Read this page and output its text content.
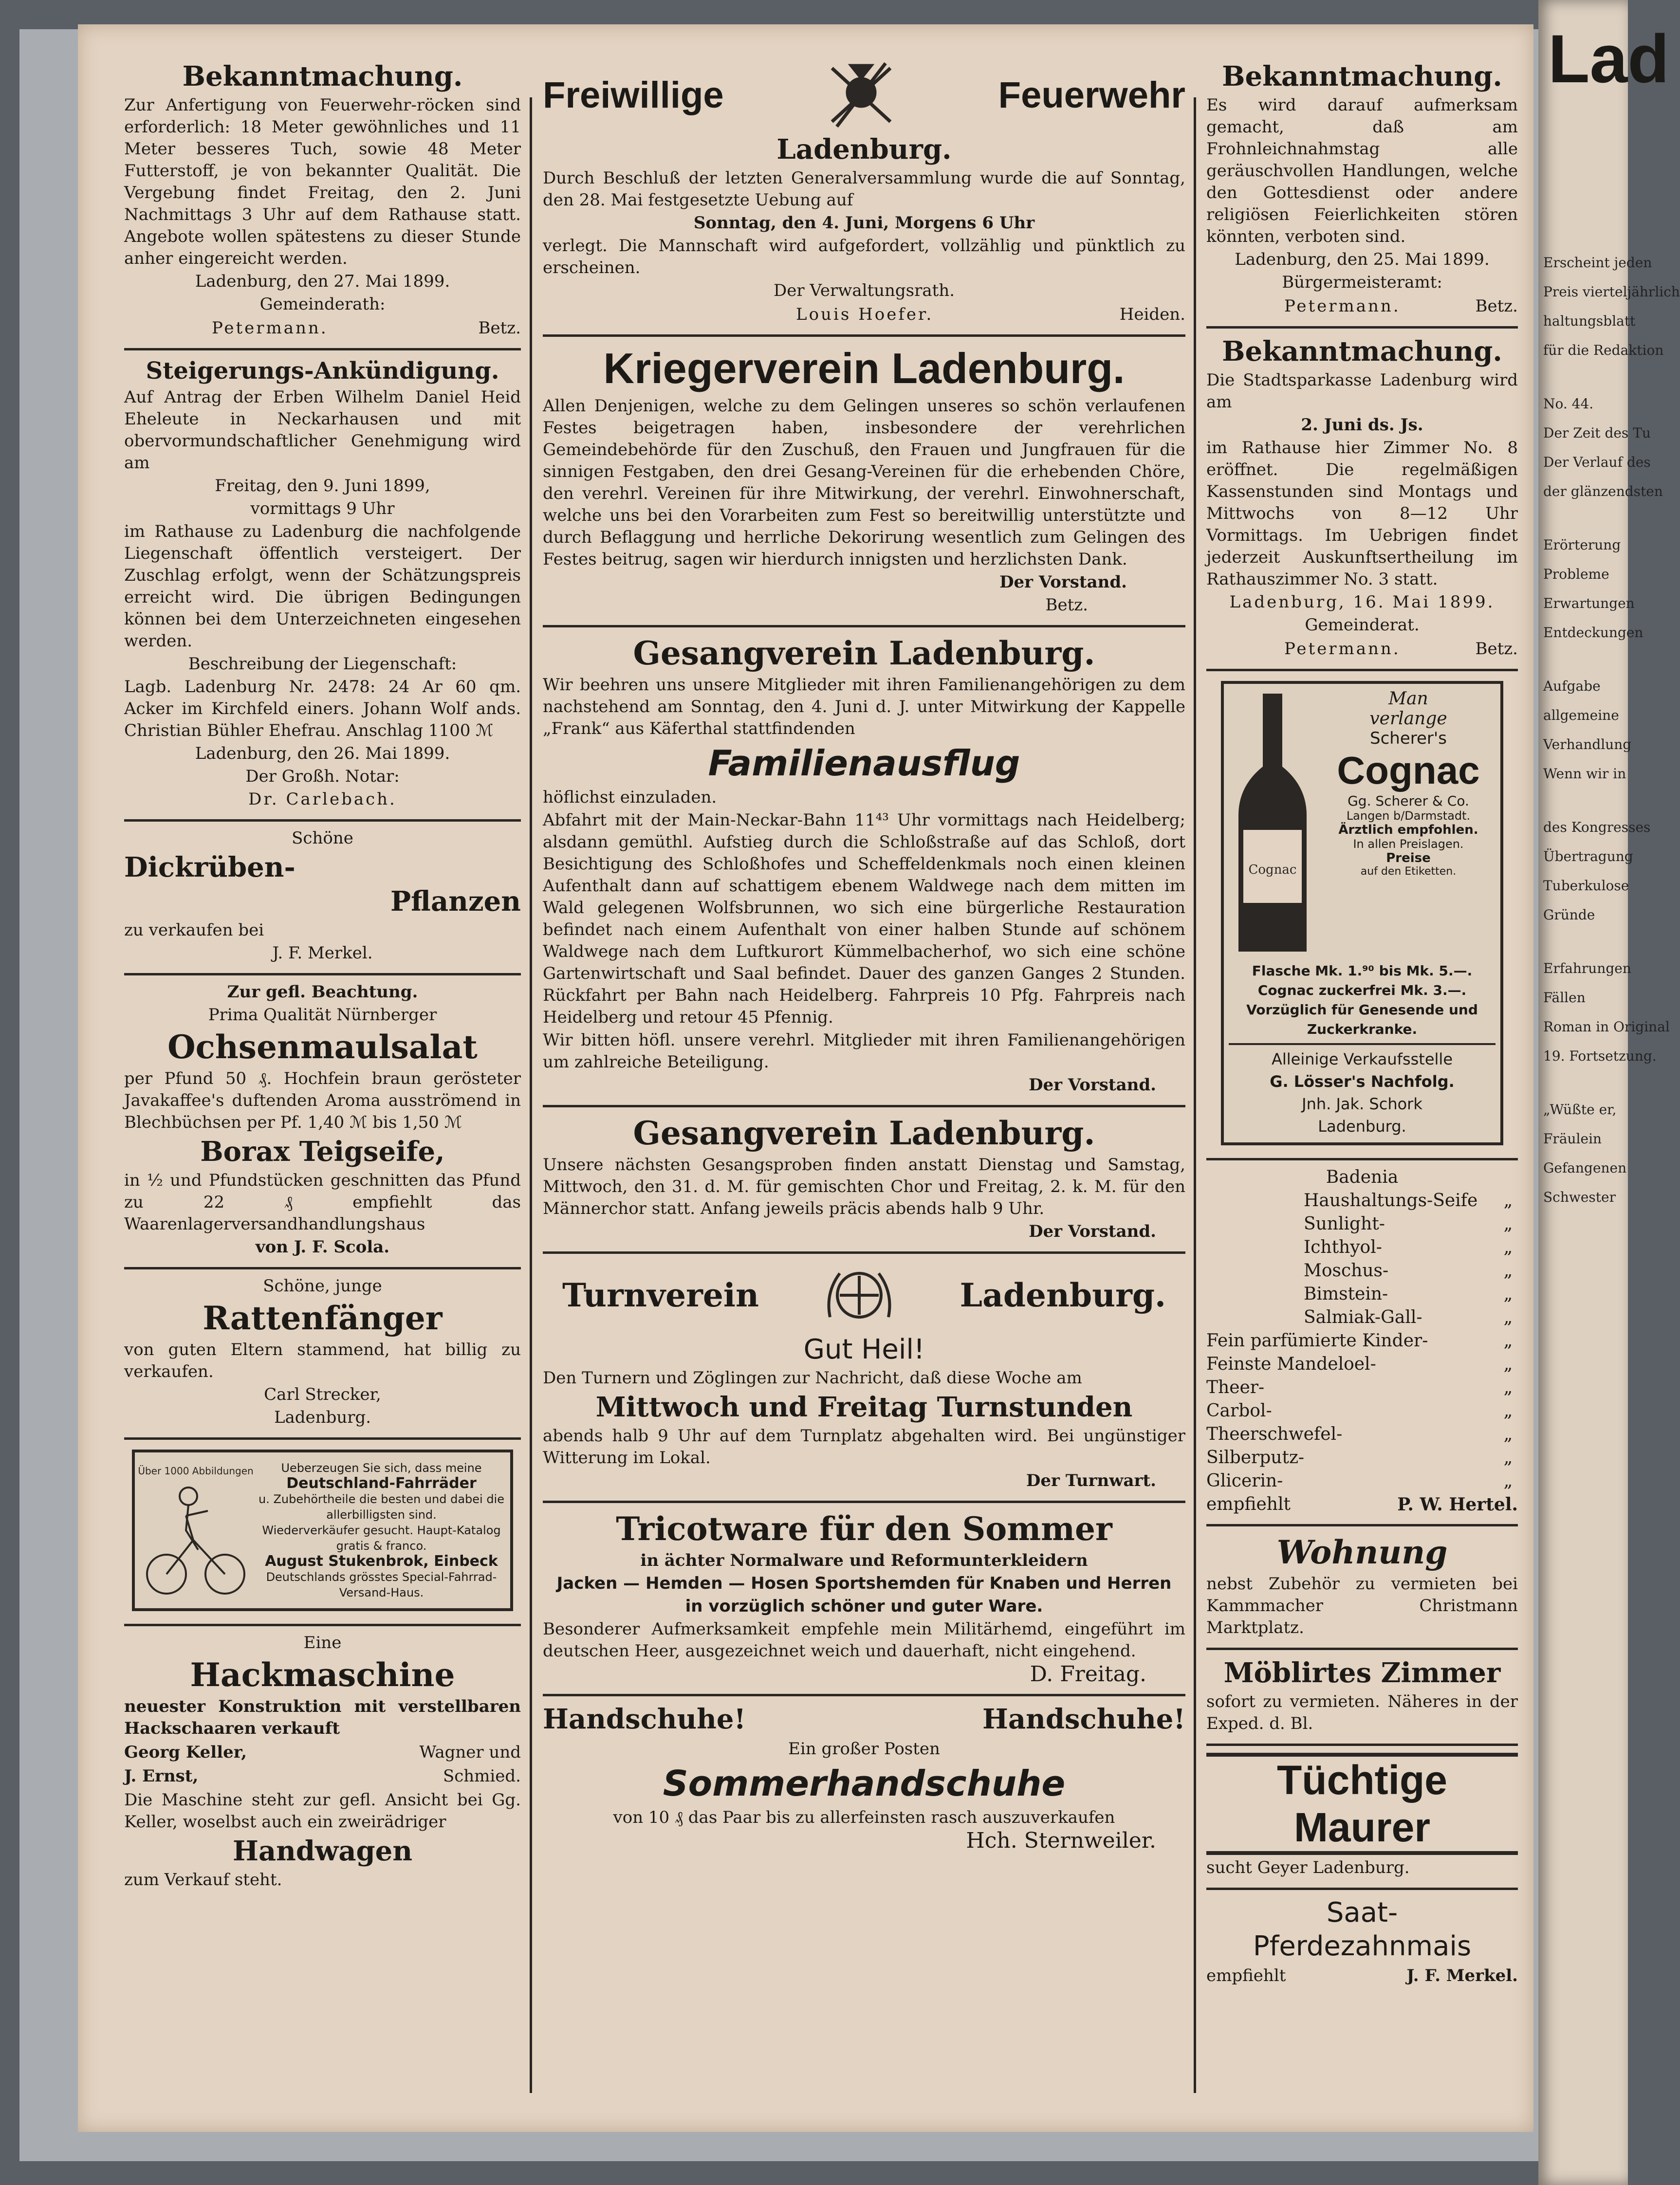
Bekanntmachung.

Zur Anfertigung von Feuerwehr-röcken sind erforderlich: 18 Meter gewöhnliches und 11 Meter besseres Tuch, sowie 48 Meter Futterstoff, je von bekannter Qualität. Die Vergebung findet Freitag, den 2. Juni Nachmittags 3 Uhr auf dem Rathause statt. Angebote wollen spätestens zu dieser Stunde anher eingereicht werden.

Ladenburg, den 27. Mai 1899.

Gemeinderath:

Petermann.	Betz.

Steigerungs-Ankündigung.

Auf Antrag der Erben Wilhelm Daniel Heid Eheleute in Neckarhausen und mit obervormundschaftlicher Genehmigung wird am

Freitag, den 9. Juni 1899,

vormittags 9 Uhr

im Rathause zu Ladenburg die nachfolgende Liegenschaft öffentlich versteigert. Der Zuschlag erfolgt, wenn der Schätzungspreis erreicht wird. Die übrigen Bedingungen können bei dem Unterzeichneten eingesehen werden.

Beschreibung der Liegenschaft:

Lagb. Ladenburg Nr. 2478: 24 Ar 60 qm. Acker im Kirchfeld einers. Johann Wolf ands. Christian Bühler Ehefrau. Anschlag 1100 ℳ

Ladenburg, den 26. Mai 1899.

Der Großh. Notar:

Dr. Carlebach.

Schöne

Dickrüben-
Pflanzen

zu verkaufen bei

J. F. Merkel.

Zur gefl. Beachtung.

Prima Qualität Nürnberger

Ochsenmaulsalat

per Pfund 50 ₰. Hochfein braun gerösteter Javakaffee's duftenden Aroma ausströmend in Blechbüchsen per Pf. 1,40 ℳ bis 1,50 ℳ

Borax Teigseife,

in ½ und Pfundstücken geschnitten das Pfund zu 22 ₰ empfiehlt das Waarenlagerversandhandlungshaus

von J. F. Scola.

Schöne, junge

Rattenfänger

von guten Eltern stammend, hat billig zu verkaufen.

Carl Strecker,

Ladenburg.

Über 1000 Abbildungen	Ueberzeugen Sie sich, dass meine
Deutschland-Fahrräder
u. Zubehörtheile die besten und dabei die allerbilligsten sind.
Wiederverkäufer gesucht. Haupt-Katalog gratis & franco.
August Stukenbrok, Einbeck
Deutschlands grösstes Special-Fahrrad-Versand-Haus.

Eine

Hackmaschine

neuester Konstruktion mit verstellbaren Hackschaaren verkauft

Georg Keller,	Wagner und

J. Ernst,	Schmied.

Die Maschine steht zur gefl. Ansicht bei Gg. Keller, woselbst auch ein zweirädriger

Handwagen

zum Verkauf steht.

Freiwillige	Feuerwehr
Ladenburg.

Durch Beschluß der letzten Generalversammlung wurde die auf Sonntag, den 28. Mai festgesetzte Uebung auf

Sonntag, den 4. Juni, Morgens 6 Uhr

verlegt. Die Mannschaft wird aufgefordert, vollzählig und pünktlich zu erscheinen.

Der Verwaltungsrath.

Louis Hoefer.	Heiden.

Kriegerverein Ladenburg.

Allen Denjenigen, welche zu dem Gelingen unseres so schön verlaufenen Festes beigetragen haben, insbesondere der verehrlichen Gemeindebehörde für den Zuschuß, den Frauen und Jungfrauen für die sinnigen Festgaben, den drei Gesang-Vereinen für die erhebenden Chöre, den verehrl. Vereinen für ihre Mitwirkung, der verehrl. Einwohnerschaft, welche uns bei den Vorarbeiten zum Fest so bereitwillig unterstützte und durch Beflaggung und herrliche Dekorirung wesentlich zum Gelingen des Festes beitrug, sagen wir hierdurch innigsten und herzlichsten Dank.

Der Vorstand.

Betz.

Gesangverein Ladenburg.

Wir beehren uns unsere Mitglieder mit ihren Familienangehörigen zu dem nachstehend am Sonntag, den 4. Juni d. J. unter Mitwirkung der Kappelle „Frank“ aus Käferthal stattfindenden

Familienausflug

höflichst einzuladen.

Abfahrt mit der Main-Neckar-Bahn 11⁴³ Uhr vormittags nach Heidelberg; alsdann gemüthl. Aufstieg durch die Schloßstraße auf das Schloß, dort Besichtigung des Schloßhofes und Scheffeldenkmals noch einen kleinen Aufenthalt dann auf schattigem ebenem Waldwege nach dem mitten im Wald gelegenen Wolfsbrunnen, wo sich eine bürgerliche Restauration befindet nach einem Aufenthalt von einer halben Stunde auf schönem Waldwege nach dem Luftkurort Kümmelbacherhof, wo sich eine schöne Gartenwirtschaft und Saal befindet. Dauer des ganzen Ganges 2 Stunden. Rückfahrt per Bahn nach Heidelberg. Fahrpreis 10 Pfg. Fahrpreis nach Heidelberg und retour 45 Pfennig.

Wir bitten höfl. unsere verehrl. Mitglieder mit ihren Familienangehörigen um zahlreiche Beteiligung.

Der Vorstand.

Gesangverein Ladenburg.

Unsere nächsten Gesangsproben finden anstatt Dienstag und Samstag, Mittwoch, den 31. d. M. für gemischten Chor und Freitag, 2. k. M. für den Männerchor statt. Anfang jeweils präcis abends halb 9 Uhr.

Der Vorstand.

Turnverein	Ladenburg.
Gut Heil!

Den Turnern und Zöglingen zur Nachricht, daß diese Woche am

Mittwoch und Freitag Turnstunden

abends halb 9 Uhr auf dem Turnplatz abgehalten wird. Bei ungünstiger Witterung im Lokal.

Der Turnwart.

Tricotware für den Sommer

in ächter Normalware und Reformunterkleidern

Jacken — Hemden — Hosen Sportshemden für Knaben und Herren

in vorzüglich schöner und guter Ware.

Besonderer Aufmerksamkeit empfehle mein Militärhemd, eingeführt im deutschen Heer, ausgezeichnet weich und dauerhaft, nicht eingehend.

D. Freitag.

Handschuhe!	Handschuhe!

Ein großer Posten

Sommerhandschuhe

von 10 ₰ das Paar bis zu allerfeinsten rasch auszuverkaufen

Hch. Sternweiler.

Bekanntmachung.

Es wird darauf aufmerksam gemacht, daß am Frohnleichnahmstag alle geräuschvollen Handlungen, welche den Gottesdienst oder andere religiösen Feierlichkeiten stören könnten, verboten sind.

Ladenburg, den 25. Mai 1899.

Bürgermeisteramt:

Petermann.	Betz.

Bekanntmachung.

Die Stadtsparkasse Ladenburg wird am

2. Juni ds. Js.

im Rathause hier Zimmer No. 8 eröffnet. Die regelmäßigen Kassenstunden sind Montags und Mittwochs von 8—12 Uhr Vormittags. Im Uebrigen findet jederzeit Auskunftsertheilung im Rathauszimmer No. 3 statt.

Ladenburg, 16. Mai 1899.

Gemeinderat.

Petermann.	Betz.

Cognac
Man
verlange
Scherer's
Cognac
Gg. Scherer & Co.
Langen b/Darmstadt.
Ärztlich empfohlen.
In allen Preislagen.
Preise
auf den Etiketten.
Flasche Mk. 1.⁹⁰ bis Mk. 5.—.
Cognac zuckerfrei Mk. 3.—.
Vorzüglich für Genesende und Zuckerkranke.
Alleinige Verkaufsstelle
G. Lösser's Nachfolg.
Jnh. Jak. Schork
Ladenburg.

Badenia

Haushaltungs-Seife „
Sunlight-	„
Ichthyol-	„
Moschus-	„
Bimstein-	„
Salmiak-Gall-	„
Fein parfümierte Kinder-	„
Feinste Mandeloel-	„
Theer-	„
Carbol-	„
Theerschwefel-	„
Silberputz-	„
Glicerin-	„
empfiehlt	P. W. Hertel.
Wohnung

nebst Zubehör zu vermieten bei Kammmacher Christmann Marktplatz.

Möblirtes Zimmer

sofort zu vermieten. Näheres in der Exped. d. Bl.

Tüchtige Maurer

sucht Geyer Ladenburg.

Saat-
Pferdezahnmais

empfiehlt	J. F. Merkel.

Lad
Erscheint jeden
Preis vierteljährlich
haltungsblatt
für die Redaktion
No. 44.
Der Zeit des Tu
Der Verlauf des
der glänzendsten
Erörterung
Probleme
Erwartungen
Entdeckungen
Aufgabe
allgemeine
Verhandlung
Wenn wir in
des Kongresses
Übertragung
Tuberkulose
Gründe
Erfahrungen
Fällen
Roman in Original
19. Fortsetzung.
„Wüßte er,
Fräulein
Gefangenen
Schwester
